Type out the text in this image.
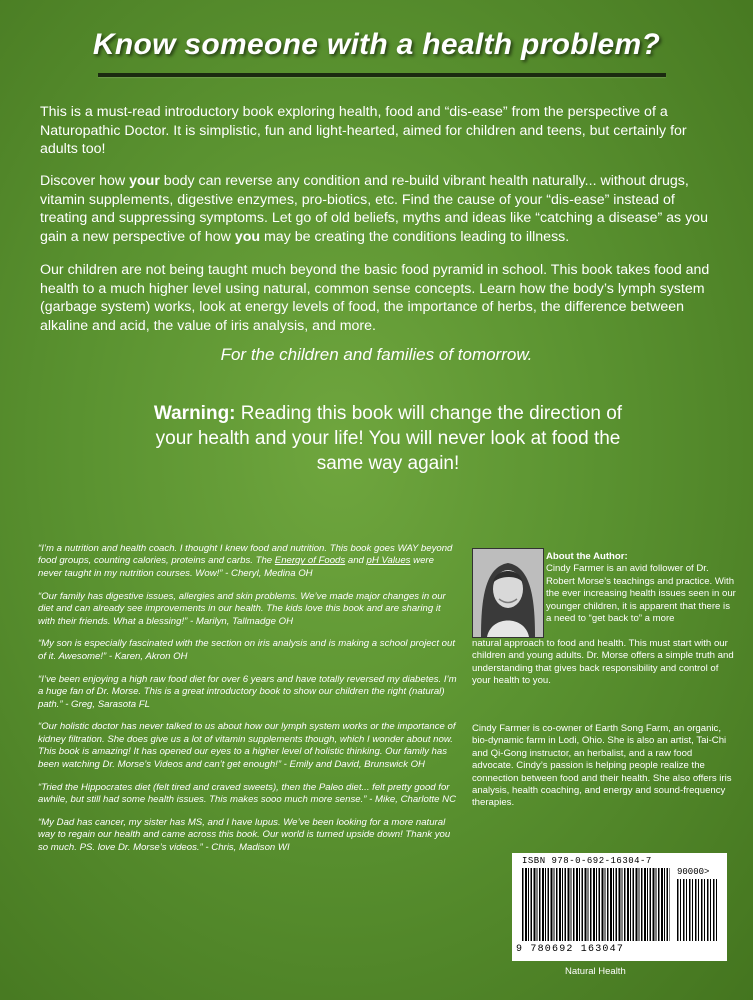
Know someone with a health problem?

This is a must-read introductory book exploring health, food and “dis-ease” from the perspective of a Naturopathic Doctor. It is simplistic, fun and light-hearted, aimed for children and teens, but certainly for adults too!

Discover how your body can reverse any condition and re-build vibrant health naturally... without drugs, vitamin supplements, digestive enzymes, pro-biotics, etc. Find the cause of your “dis-ease” instead of treating and suppressing symptoms. Let go of old beliefs, myths and ideas like “catching a disease” as you gain a new perspective of how you may be creating the conditions leading to illness.

Our children are not being taught much beyond the basic food pyramid in school. This book takes food and health to a much higher level using natural, common sense concepts. Learn how the body’s lymph system (garbage system) works, look at energy levels of food, the importance of herbs, the difference between alkaline and acid, the value of iris analysis, and more.

For the children and families of tomorrow.
Warning: Reading this book will change the direction of your health and your life! You will never look at food the same way again!

“I’m a nutrition and health coach. I thought I knew food and nutrition. This book goes WAY beyond food groups, counting calories, proteins and carbs. The Energy of Foods and pH Values were never taught in my nutrition courses. Wow!” - Cheryl, Medina OH

“Our family has digestive issues, allergies and skin problems. We’ve made major changes in our diet and can already see improvements in our health. The kids love this book and are sharing it with their friends. What a blessing!” - Marilyn, Tallmadge OH

“My son is especially fascinated with the section on iris analysis and is making a school project out of it. Awesome!” - Karen, Akron OH

“I’ve been enjoying a high raw food diet for over 6 years and have totally reversed my diabetes. I’m a huge fan of Dr. Morse. This is a great introductory book to show our children the right (natural) path.” - Greg, Sarasota FL

“Our holistic doctor has never talked to us about how our lymph system works or the importance of kidney filtration. She does give us a lot of vitamin supplements though, which I wonder about now. This book is amazing! It has opened our eyes to a higher level of holistic thinking. Our family has been watching Dr. Morse’s Videos and can’t get enough!” - Emily and David, Brunswick OH

“Tried the Hippocrates diet (felt tired and craved sweets), then the Paleo diet... felt pretty good for awhile, but still had some health issues. This makes sooo much more sense.” - Mike, Charlotte NC

“My Dad has cancer, my sister has MS, and I have lupus. We’ve been looking for a more natural way to regain our health and came across this book. Our world is turned upside down! Thank you so much. PS. love Dr. Morse’s videos.” - Chris, Madison WI

About the Author:
Cindy Farmer is an avid follower of Dr. Robert Morse’s teachings and practice. With the ever increasing health issues seen in our younger children, it is apparent that there is a need to “get back to” a more
natural approach to food and health. This must start with our children and young adults. Dr. Morse offers a simple truth and understanding that gives back responsibility and control of your health to you.
Cindy Farmer is co-owner of Earth Song Farm, an organic, bio-dynamic farm in Lodi, Ohio. She is also an artist, Tai-Chi and Qi-Gong instructor, an herbalist, and a raw food advocate. Cindy’s passion is helping people realize the connection between food and their health. She also offers iris analysis, health coaching, and energy and sound-frequency therapies.
ISBN 978-0-692-16304-7
90000>
9 780692 163047
Natural Health
